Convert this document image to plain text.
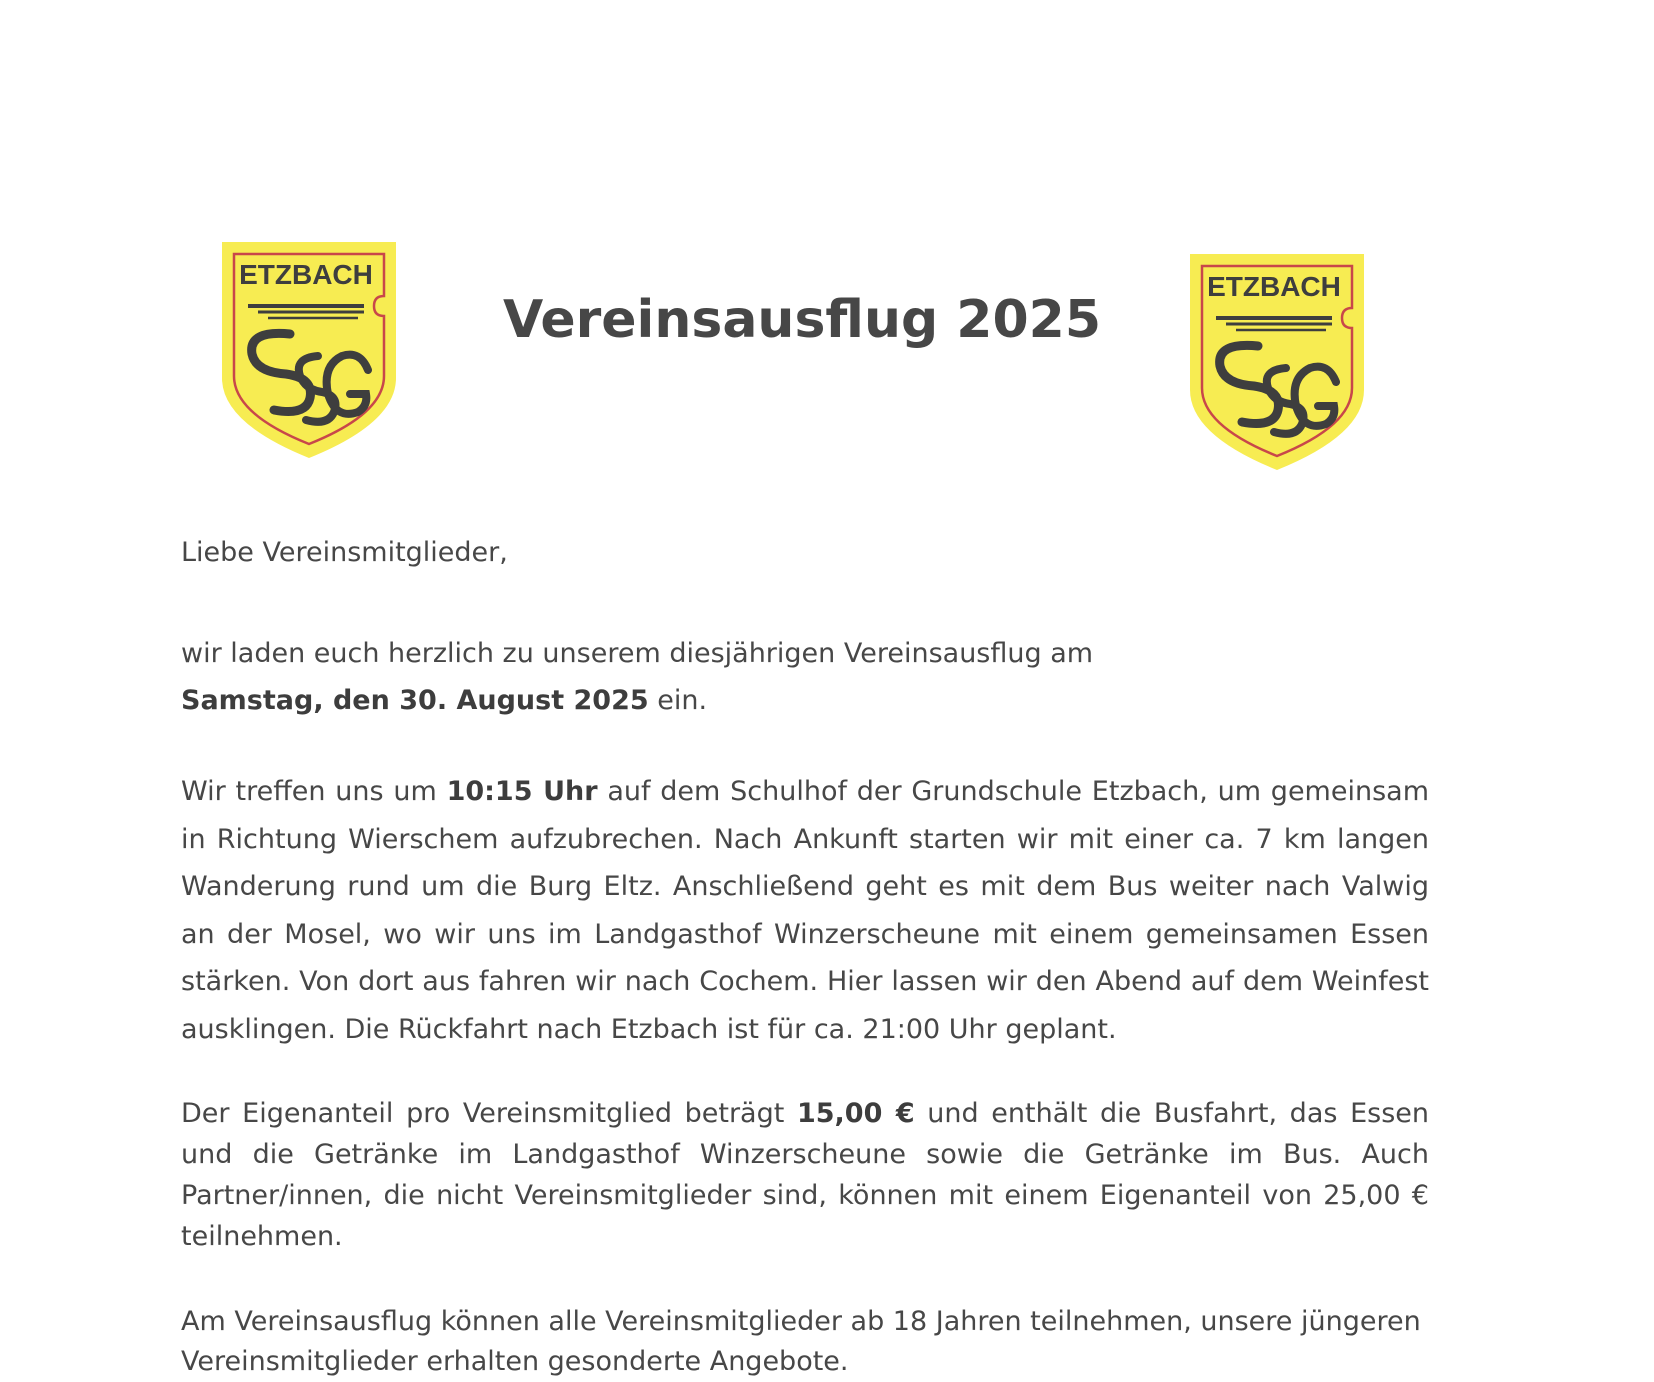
ETZBACH
Vereinsausflug 2025
ETZBACH

Liebe Vereinsmitglieder,

wir laden euch herzlich zu unserem diesjährigen Vereinsausflug am
Samstag, den 30. August 2025 ein.

Wir treffen uns um 10:15 Uhr auf dem Schulhof der Grundschule Etzbach, um gemeinsam in Richtung Wierschem aufzubrechen. Nach Ankunft starten wir mit einer ca. 7 km langen Wanderung rund um die Burg Eltz. Anschließend geht es mit dem Bus weiter nach Valwig an der Mosel, wo wir uns im Landgasthof Winzerscheune mit einem gemeinsamen Essen stärken. Von dort aus fahren wir nach Cochem. Hier lassen wir den Abend auf dem Weinfest ausklingen. Die Rückfahrt nach Etzbach ist für ca. 21:00 Uhr geplant.

Der Eigenanteil pro Vereinsmitglied beträgt 15,00 € und enthält die Busfahrt, das Essen und die Getränke im Landgasthof Winzerscheune sowie die Getränke im Bus. Auch Partner/innen, die nicht Vereinsmitglieder sind, können mit einem Eigenanteil von 25,00 € teilnehmen.

Am Vereinsausflug können alle Vereinsmitglieder ab 18 Jahren teilnehmen, unsere jüngeren Vereinsmitglieder erhalten gesonderte Angebote.
